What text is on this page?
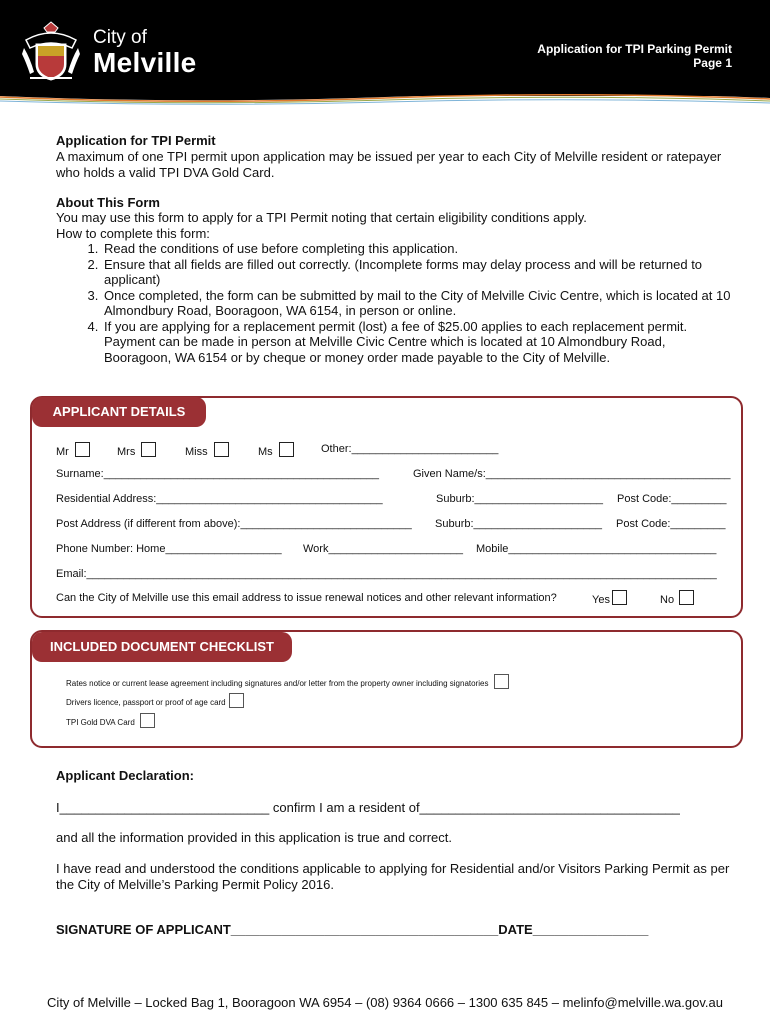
City of
Melville	Application for TPI Parking Permit
Page 1
Application for TPI Permit
A maximum of one TPI permit upon application may be issued per year to each City of Melville resident or ratepayer who holds a valid TPI DVA Gold Card.
About This Form
You may use this form to apply for a TPI Permit noting that certain eligibility conditions apply.
How to complete this form:
1. Read the conditions of use before completing this application.
2. Ensure that all fields are filled out correctly. (Incomplete forms may delay process and will be returned to applicant)
3. Once completed, the form can be submitted by mail to the City of Melville Civic Centre, which is located at 10 Almondbury Road, Booragoon, WA 6154, in person or online.
4. If you are applying for a replacement permit (lost) a fee of $25.00 applies to each replacement permit. Payment can be made in person at Melville Civic Centre which is located at 10 Almondbury Road, Booragoon, WA 6154 or by cheque or money order made payable to the City of Melville.
APPLICANT DETAILS
Mr	Mrs	Miss	Ms	Other:________________________
Surname:_____________________________________________	Given Name/s:________________________________________
Residential Address:_____________________________________	Suburb:_____________________ Post Code:_________
Post Address (if different from above):____________________________ Suburb:_____________________ Post Code:_________
Phone Number: Home___________________ Work______________________ Mobile__________________________________
Email:_______________________________________________________________________________________________________
Can the City of Melville use this email address to issue renewal notices and other relevant information?	Yes	No
INCLUDED DOCUMENT CHECKLIST
Rates notice or current lease agreement including signatures and/or letter from the property owner including signatories
Drivers licence, passport or proof of age card
TPI Gold DVA Card
Applicant Declaration:
I_____________________________ confirm I am a resident of____________________________________
and all the information provided in this application is true and correct.
I have read and understood the conditions applicable to applying for Residential and/or Visitors Parking Permit as per the City of Melville’s Parking Permit Policy 2016.
SIGNATURE OF APPLICANT_____________________________________DATE________________
City of Melville – Locked Bag 1, Booragoon WA 6954 – (08) 9364 0666 – 1300 635 845 – melinfo@melville.wa.gov.au
